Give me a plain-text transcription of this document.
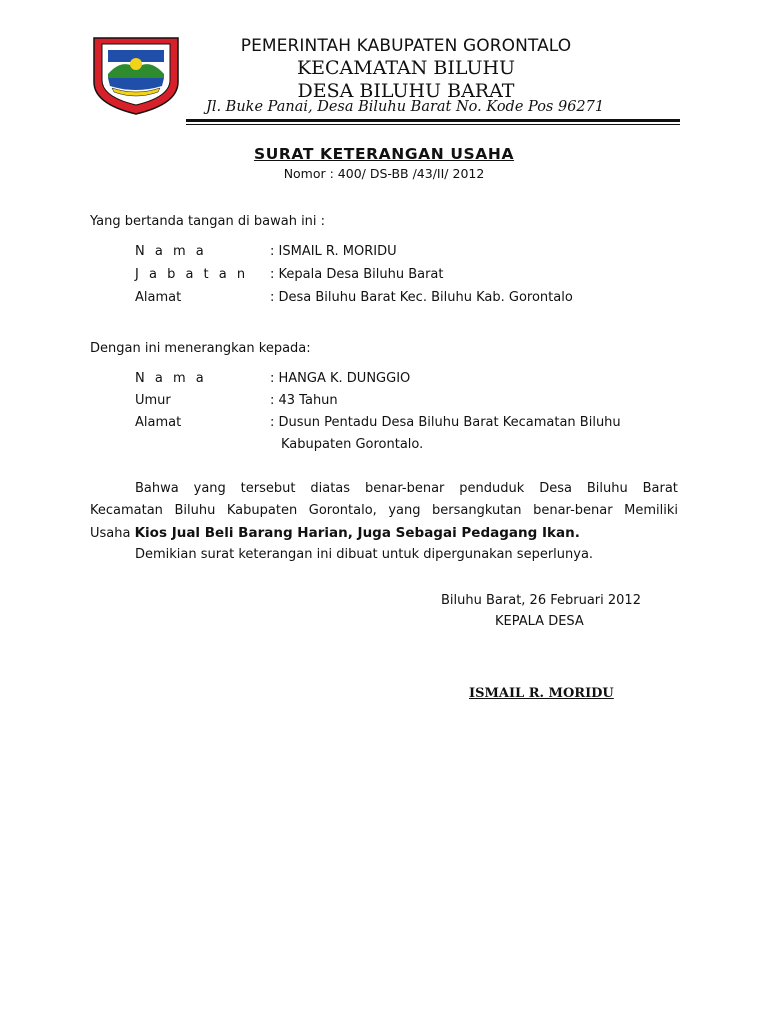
PEMERINTAH KABUPATEN GORONTALO
KECAMATAN BILUHU
DESA BILUHU BARAT
Jl. Buke Panai, Desa Biluhu Barat No. Kode Pos 96271
SURAT KETERANGAN USAHA
Nomor : 400/ DS-BB /43/II/ 2012
Yang bertanda tangan di bawah ini :
N a m a	: ISMAIL R. MORIDU
J a b a t a n : Kepala Desa Biluhu Barat
Alamat	: Desa Biluhu Barat Kec. Biluhu Kab. Gorontalo
Dengan ini menerangkan kepada:
N a m a	: HANGA K. DUNGGIO
Umur	: 43 Tahun
Alamat	: Dusun Pentadu Desa Biluhu Barat Kecamatan Biluhu
Kabupaten Gorontalo.
Bahwa yang tersebut diatas benar-benar penduduk Desa Biluhu Barat
Kecamatan Biluhu Kabupaten Gorontalo, yang bersangkutan benar-benar Memiliki
Usaha Kios Jual Beli Barang Harian, Juga Sebagai Pedagang Ikan.
Demikian surat keterangan ini dibuat untuk dipergunakan seperlunya.
Biluhu Barat, 26 Februari 2012
KEPALA DESA
ISMAIL R. MORIDU
